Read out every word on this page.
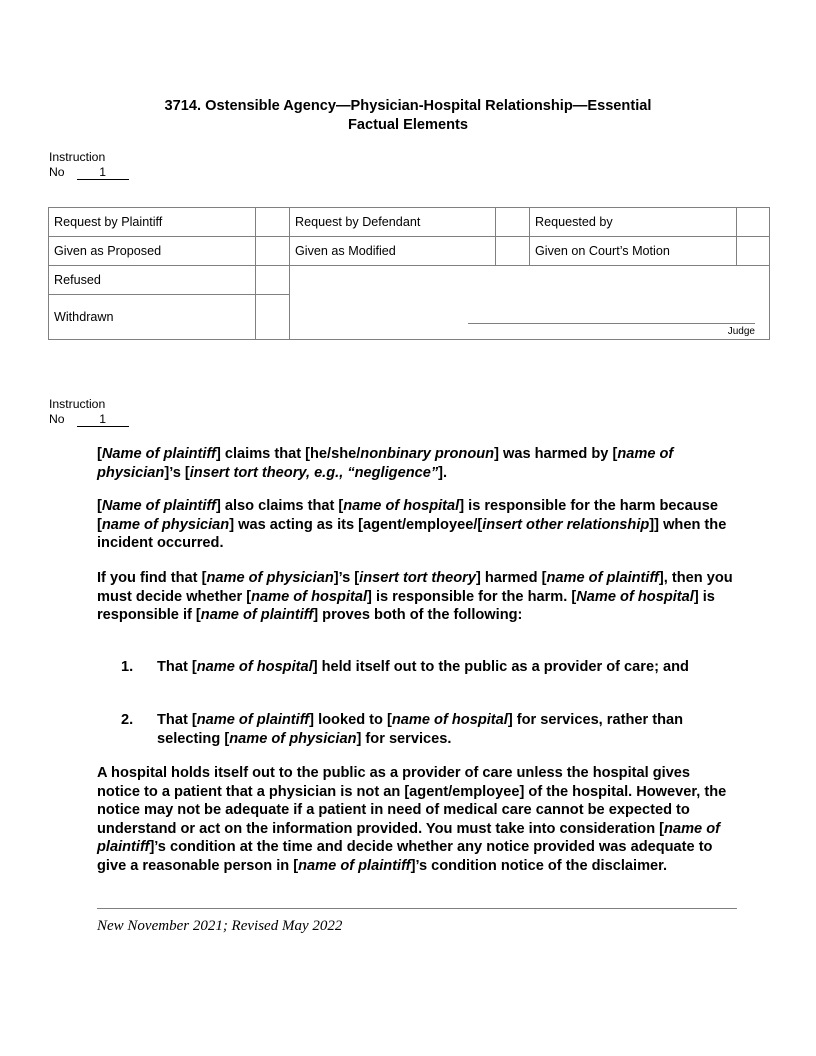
3714. Ostensible Agency—Physician-Hospital Relationship—Essential
Factual Elements
Instruction
No	1
Request by Plaintiff		Request by Defendant		Requested by	
Given as Proposed		Given as Modified		Given on Court’s Motion	
Refused		Judge			

Withdrawn					
Instruction
No	1

[Name of plaintiff] claims that [he/she/nonbinary pronoun] was harmed by [name of physician]’s [insert tort theory, e.g., “negligence”].

[Name of plaintiff] also claims that [name of hospital] is responsible for the harm because [name of physician] was acting as its [agent/employee/[insert other relationship]] when the incident occurred.

If you find that [name of physician]’s [insert tort theory] harmed [name of plaintiff], then you must decide whether [name of hospital] is responsible for the harm. [Name of hospital] is responsible if [name of plaintiff] proves both of the following:

1. That [name of hospital] held itself out to the public as a provider of care; and
2. That [name of plaintiff] looked to [name of hospital] for services, rather than selecting [name of physician] for services.

A hospital holds itself out to the public as a provider of care unless the hospital gives notice to a patient that a physician is not an [agent/employee] of the hospital. However, the notice may not be adequate if a patient in need of medical care cannot be expected to understand or act on the information provided. You must take into consideration [name of plaintiff]’s condition at the time and decide whether any notice provided was adequate to give a reasonable person in [name of plaintiff]’s condition notice of the disclaimer.

New November 2021; Revised May 2022
